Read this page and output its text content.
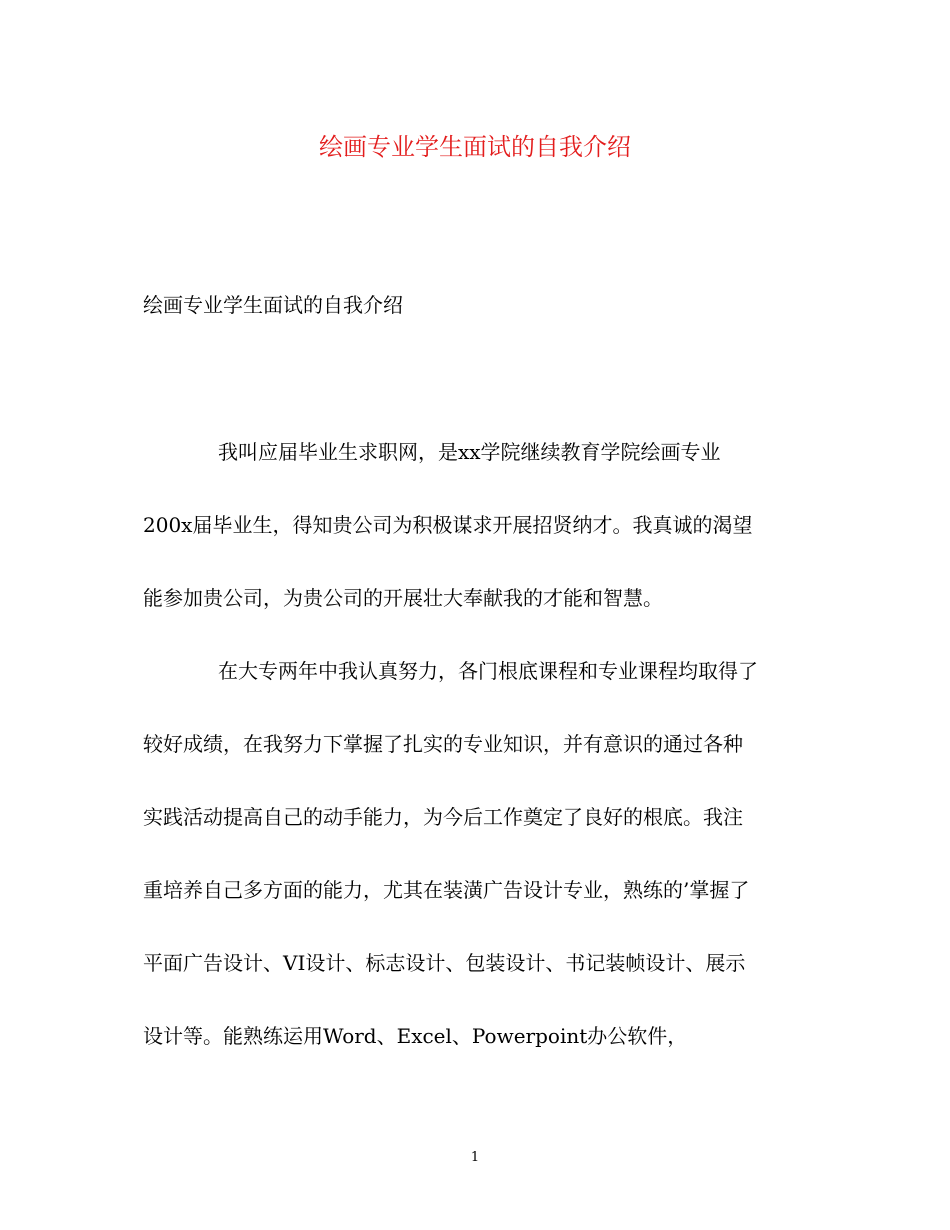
绘画专业学生面试的自我介绍

绘画专业学生面试的自我介绍

我叫应届毕业生求职网，是xx学院继续教育学院绘画专业

200x届毕业生，得知贵公司为积极谋求开展招贤纳才。我真诚的渴望

能参加贵公司，为贵公司的开展壮大奉献我的才能和智慧。

在大专两年中我认真努力，各门根底课程和专业课程均取得了

较好成绩，在我努力下掌握了扎实的专业知识，并有意识的通过各种

实践活动提高自己的动手能力，为今后工作奠定了良好的根底。我注

重培养自己多方面的能力，尤其在装潢广告设计专业，熟练的’掌握了

平面广告设计、VI设计、标志设计、包装设计、书记装帧设计、展示

设计等。能熟练运用Word、Excel、Powerpoint办公软件，

1
